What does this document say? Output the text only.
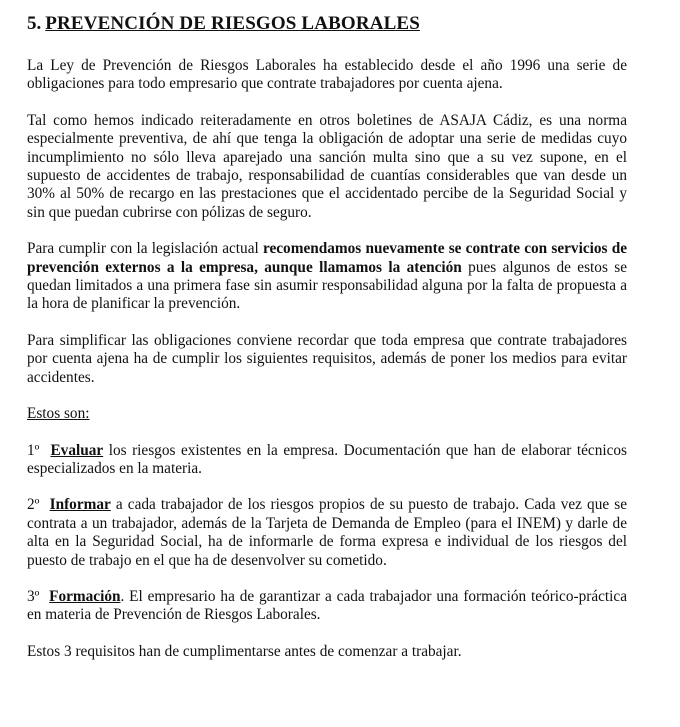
5. PREVENCIÓN DE RIESGOS LABORALES

La Ley de Prevención de Riesgos Laborales ha establecido desde el año 1996 una serie de obligaciones para todo empresario que contrate trabajadores por cuenta ajena.

Tal como hemos indicado reiteradamente en otros boletines de ASAJA Cádiz, es una norma especialmente preventiva, de ahí que tenga la obligación de adoptar una serie de medidas cuyo incumplimiento no sólo lleva aparejado una sanción multa sino que a su vez supone, en el supuesto de accidentes de trabajo, responsabilidad de cuantías considerables que van desde un 30% al 50% de recargo en las prestaciones que el accidentado percibe de la Seguridad Social y sin que puedan cubrirse con pólizas de seguro.

Para cumplir con la legislación actual recomendamos nuevamente se contrate con servicios de prevención externos a la empresa, aunque llamamos la atención pues algunos de estos se quedan limitados a una primera fase sin asumir responsabilidad alguna por la falta de propuesta a la hora de planificar la prevención.

Para simplificar las obligaciones conviene recordar que toda empresa que contrate trabajadores por cuenta ajena ha de cumplir los siguientes requisitos, además de poner los medios para evitar accidentes.

Estos son:

1º Evaluar los riesgos existentes en la empresa. Documentación que han de elaborar técnicos especializados en la materia.

2º Informar a cada trabajador de los riesgos propios de su puesto de trabajo. Cada vez que se contrata a un trabajador, además de la Tarjeta de Demanda de Empleo (para el INEM) y darle de alta en la Seguridad Social, ha de informarle de forma expresa e individual de los riesgos del puesto de trabajo en el que ha de desenvolver su cometido.

3º Formación. El empresario ha de garantizar a cada trabajador una formación teórico-práctica en materia de Prevención de Riesgos Laborales.

Estos 3 requisitos han de cumplimentarse antes de comenzar a trabajar.
